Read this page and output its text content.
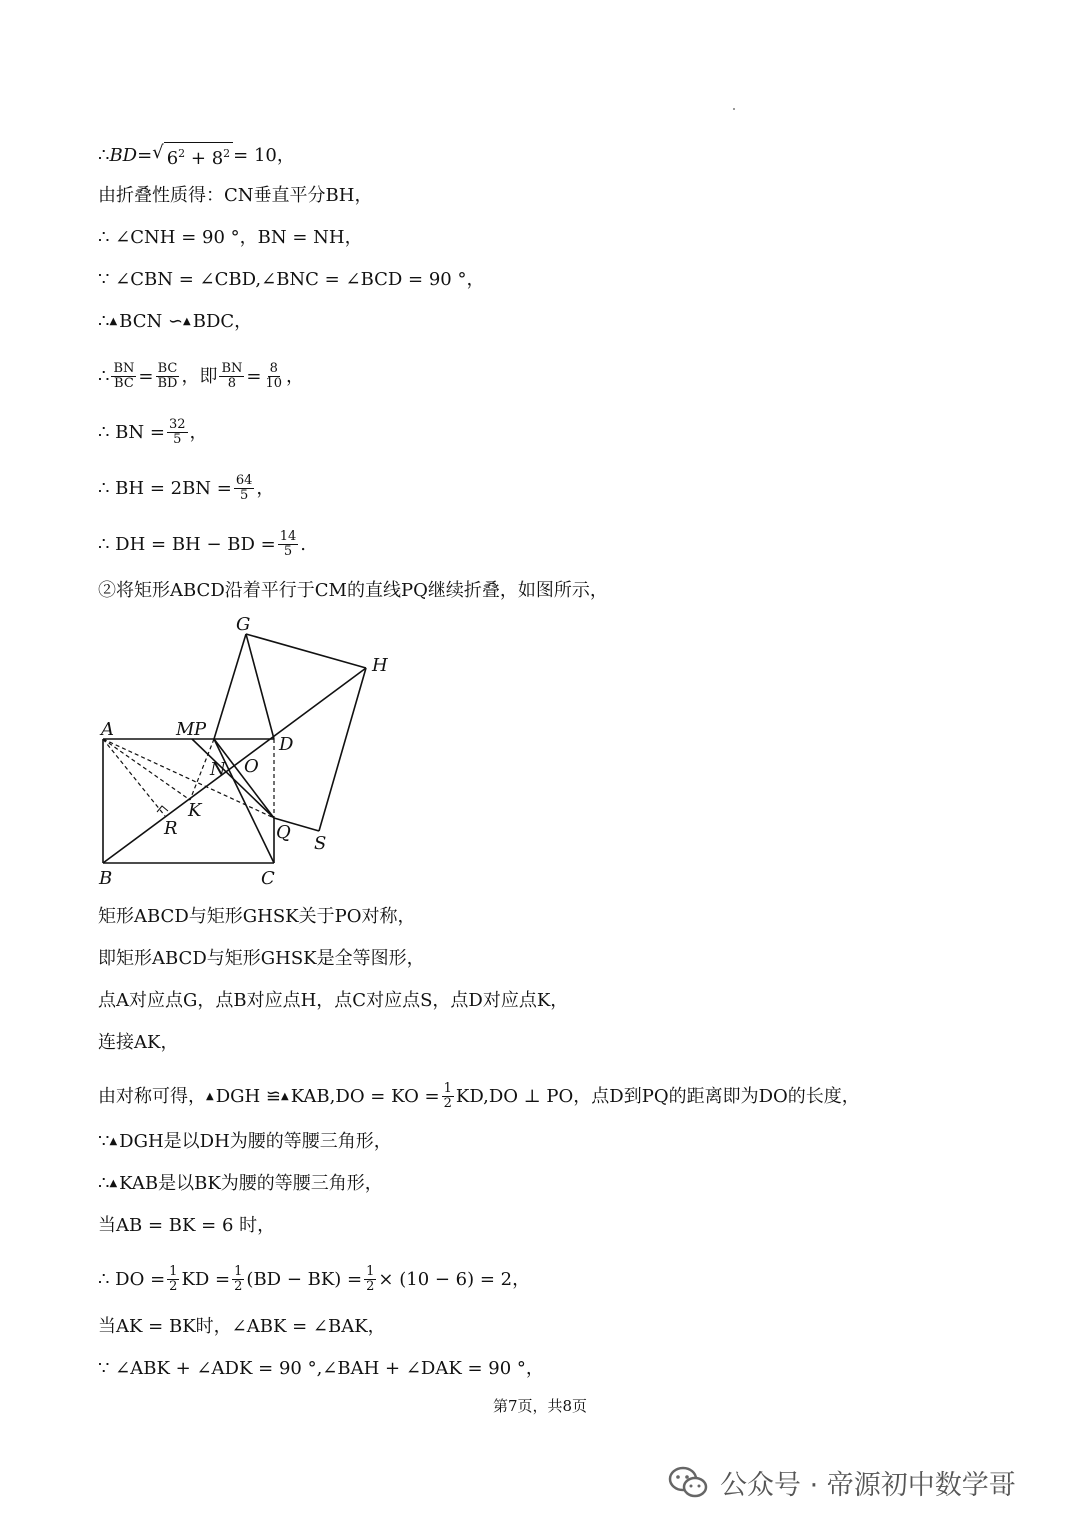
∴ BD = √ $6^2 + 8^2 = 10$，
由折叠性质得：CN垂直平分BH，
∴ ∠CNH = 90 °，BN = NH，
∵ ∠CBN = ∠CBD,∠BNC = ∠BCD = 90 °，
∴ ▲ BCN ∽ ▲ BDC，
∴ $\frac{BN}{BC} = \frac{BC}{BD}$ ，即 $\frac{BN}{8} = \frac{8}{10}$ ，
∴ BN = $\frac{32}{5}$ ，
∴ BH = $2BN = \frac{64}{5}$ ，
∴ DH = BH − BD = $\frac{14}{5}$ .
②将矩形ABCD沿着平行于CM的直线PQ继续折叠，如图所示，
G
H
A	M P
D
N O
K
R	Q
S
B	C
矩形ABCD与矩形GHSK关于PO对称，
即矩形ABCD与矩形GHSK是全等图形，
点A对应点G，点B对应点H，点C对应点S，点D对应点K，
连接AK，
由对称可得， ▲ DGH ≌ ▲ KAB,DO = KO = $\frac{1}{2} KD,DO$ ⊥ PO，点D到PQ的距离即为DO的长度，
∵ ▲ DGH是以DH为腰的等腰三角形，
∴ ▲ KAB是以BK为腰的等腰三角形，
当AB = BK = 6 时，
∴ DO = $\frac{1}{2}$ KD = $\frac{1}{2} (BD - BK) = \frac{1}{2} \times (10 - 6) = 2$，
当AK = BK时，∠ABK = ∠BAK，
∵ ∠ABK + ∠ADK = 90 °,∠BAH + ∠DAK = 90 °，
第7页，共8页
公众号 · 帝源初中数学哥
